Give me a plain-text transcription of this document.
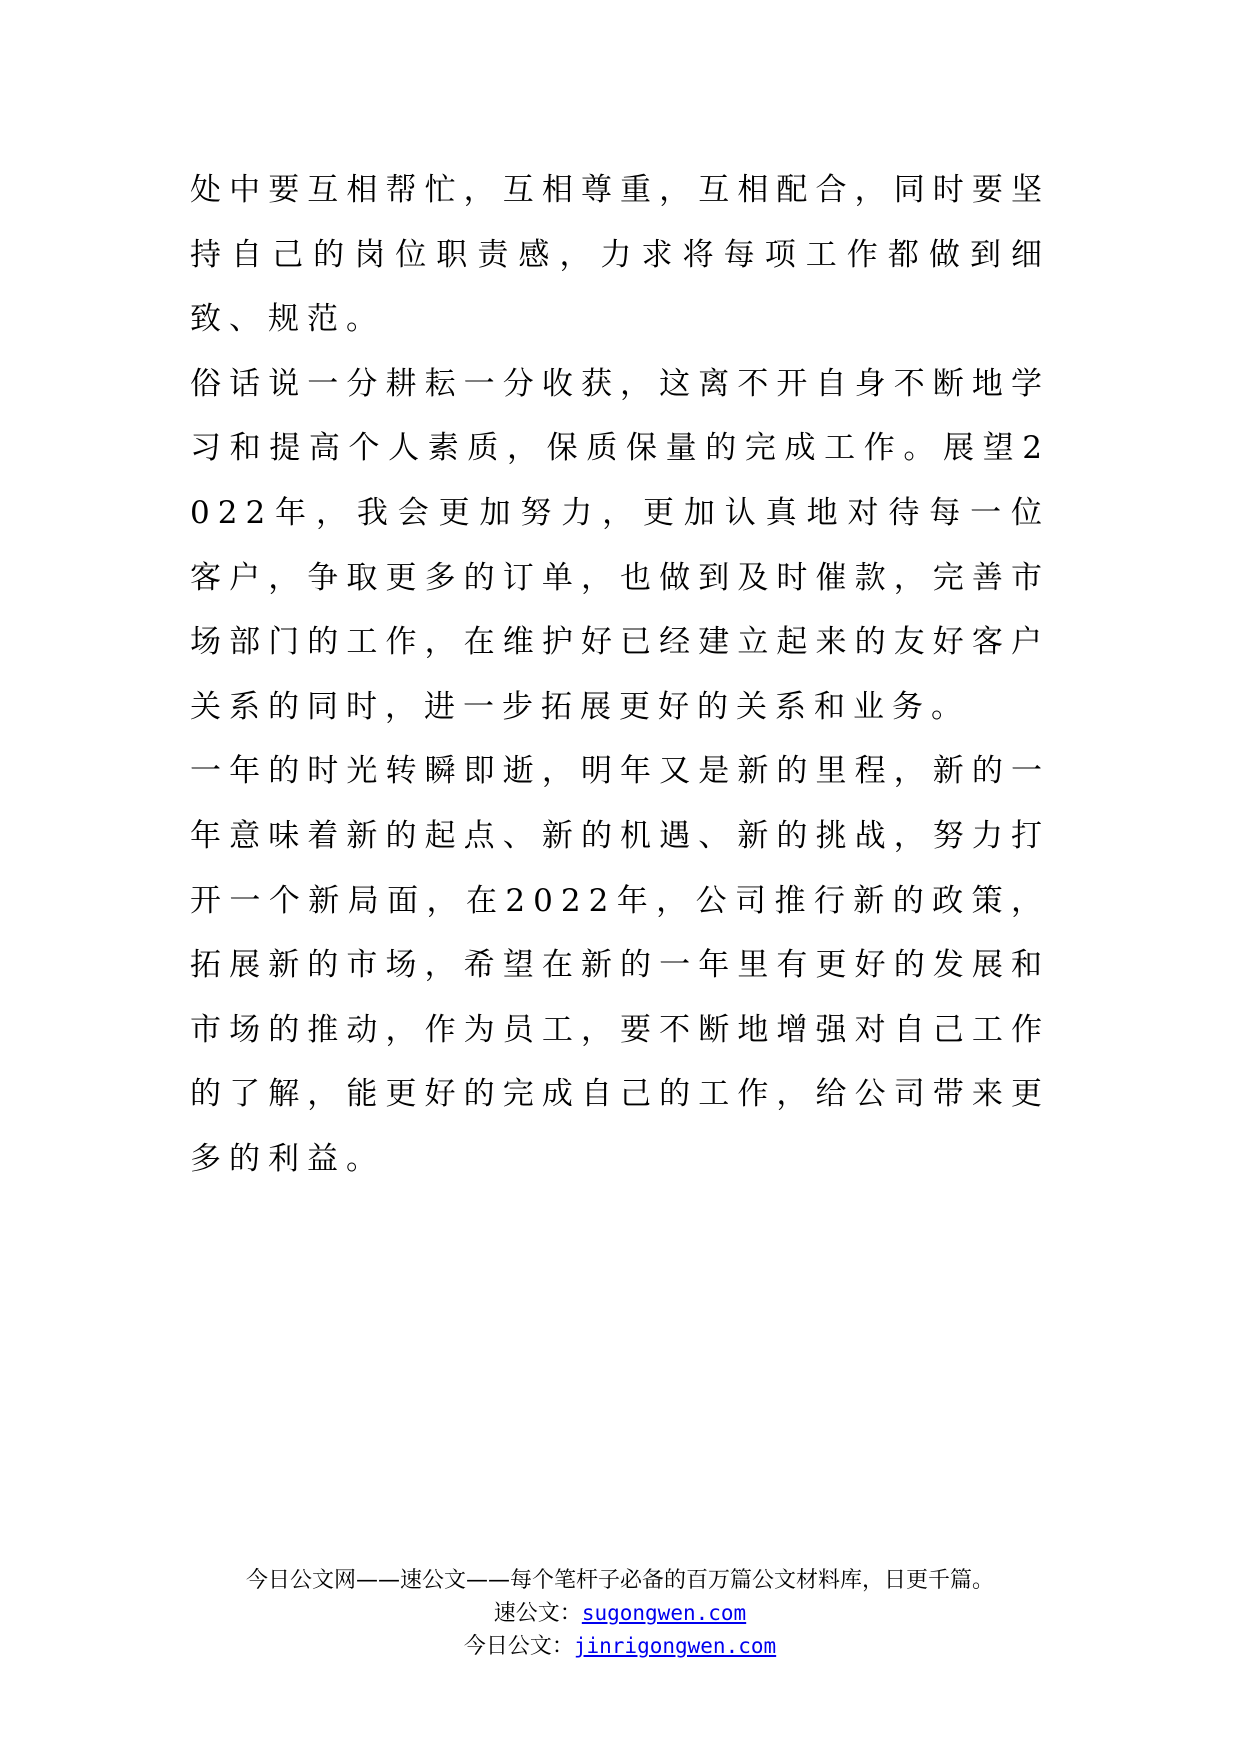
处中要互相帮忙，互相尊重，互相配合，同时要坚持自己的岗位职责感，力求将每项工作都做到细致、规范。

俗话说一分耕耘一分收获，这离不开自身不断地学习和提高个人素质，保质保量的完成工作。展望2022年，我会更加努力，更加认真地对待每一位客户，争取更多的订单，也做到及时催款，完善市场部门的工作，在维护好已经建立起来的友好客户关系的同时，进一步拓展更好的关系和业务。

一年的时光转瞬即逝，明年又是新的里程，新的一年意味着新的起点、新的机遇、新的挑战，努力打开一个新局面，在2022年，公司推行新的政策，拓展新的市场，希望在新的一年里有更好的发展和市场的推动，作为员工，要不断地增强对自己工作的了解，能更好的完成自己的工作，给公司带来更多的利益。

今日公文网——速公文——每个笔杆子必备的百万篇公文材料库，日更千篇。
速公文：sugongwen.com
今日公文：jinrigongwen.com
